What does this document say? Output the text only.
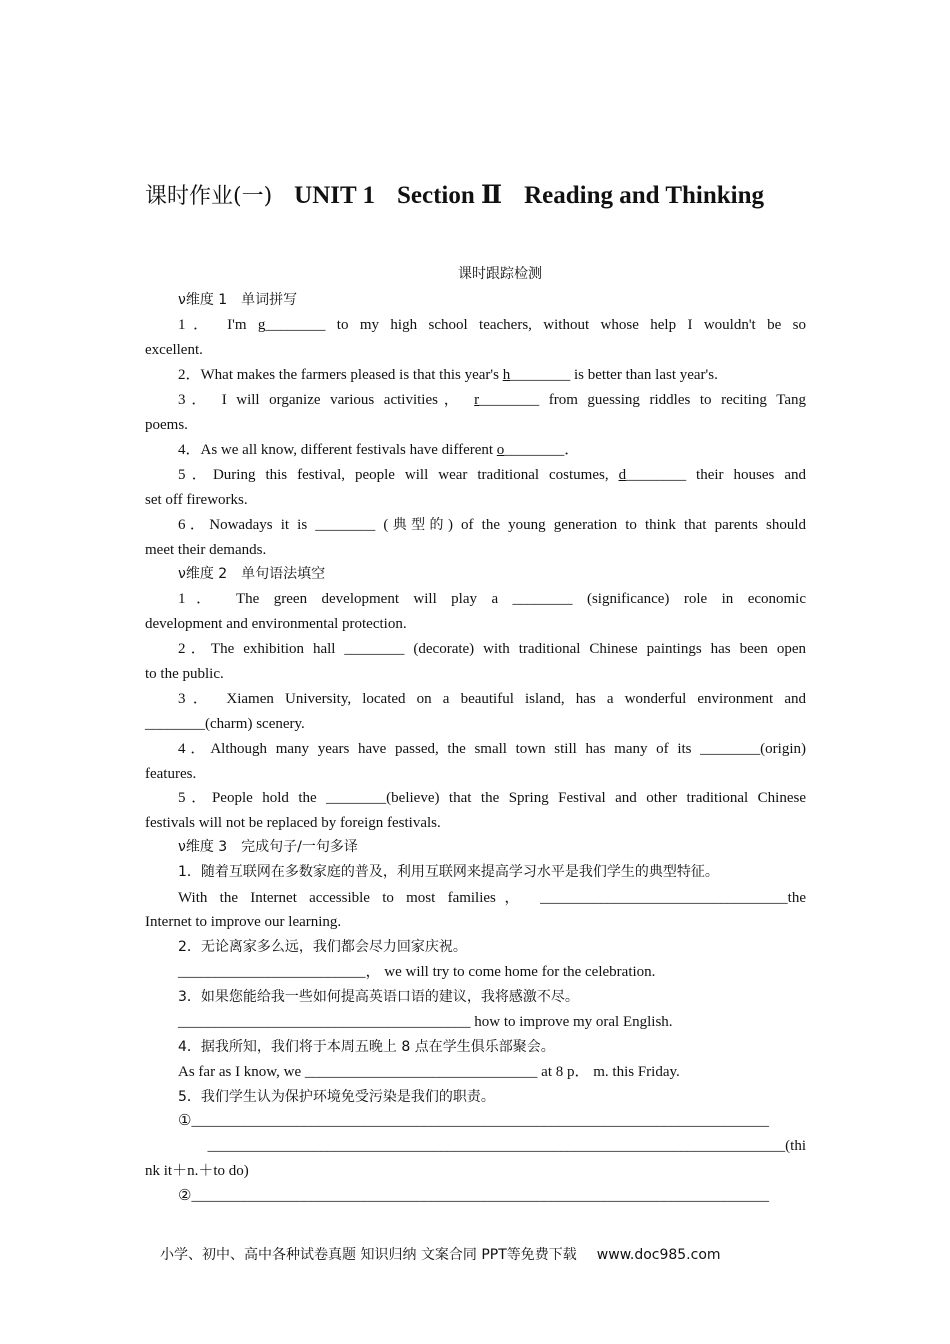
课时作业(一) UNIT 1 Section Ⅱ Reading and Thinking
课时跟踪检测
ν维度 1　单词拼写
1． I'm g________ to my high school teachers, without whose help I wouldn't be so
excellent.
2．What makes the farmers pleased is that this year's h________ is better than last year's.
3． I will organize various activities， r________ from guessing riddles to reciting Tang
poems.
4．As we all know, different festivals have different o________．
5．During this festival, people will wear traditional costumes, d________ their houses and
set off fireworks.
6．Nowadays it is ________ (典型的) of the young generation to think that parents should
meet their demands.
ν维度 2　单句语法填空
1． The green development will play a ________ (significance) role in economic
development and environmental protection.
2．The exhibition hall ________ (decorate) with traditional Chinese paintings has been open
to the public.
3． Xiamen University, located on a beautiful island, has a wonderful environment and
________(charm) scenery.
4．Although many years have passed, the small town still has many of its ________(origin)
features.
5．People hold the ________(believe) that the Spring Festival and other traditional Chinese
festivals will not be replaced by foreign festivals.
ν维度 3　完成句子/一句多译
1．随着互联网在多数家庭的普及，利用互联网来提高学习水平是我们学生的典型特征。
With the Internet accessible to most families， _________________________________the
Internet to improve our learning.
2．无论离家多么远，我们都会尽力回家庆祝。
_________________________， we will try to come home for the celebration.
3．如果您能给我一些如何提高英语口语的建议，我将感激不尽。
_______________________________________ how to improve my oral English.
4．据我所知，我们将于本周五晚上 8 点在学生俱乐部聚会。
As far as I know, we _______________________________ at 8 p． m. this Friday.
5．我们学生认为保护环境免受污染是我们的职责。
①_____________________________________________________________________________
_____________________________________________________________________________(thi
nk it＋n.＋to do)
②_____________________________________________________________________________
小学、初中、高中各种试卷真题 知识归纳 文案合同 PPT等免费下载 www.doc985.com
